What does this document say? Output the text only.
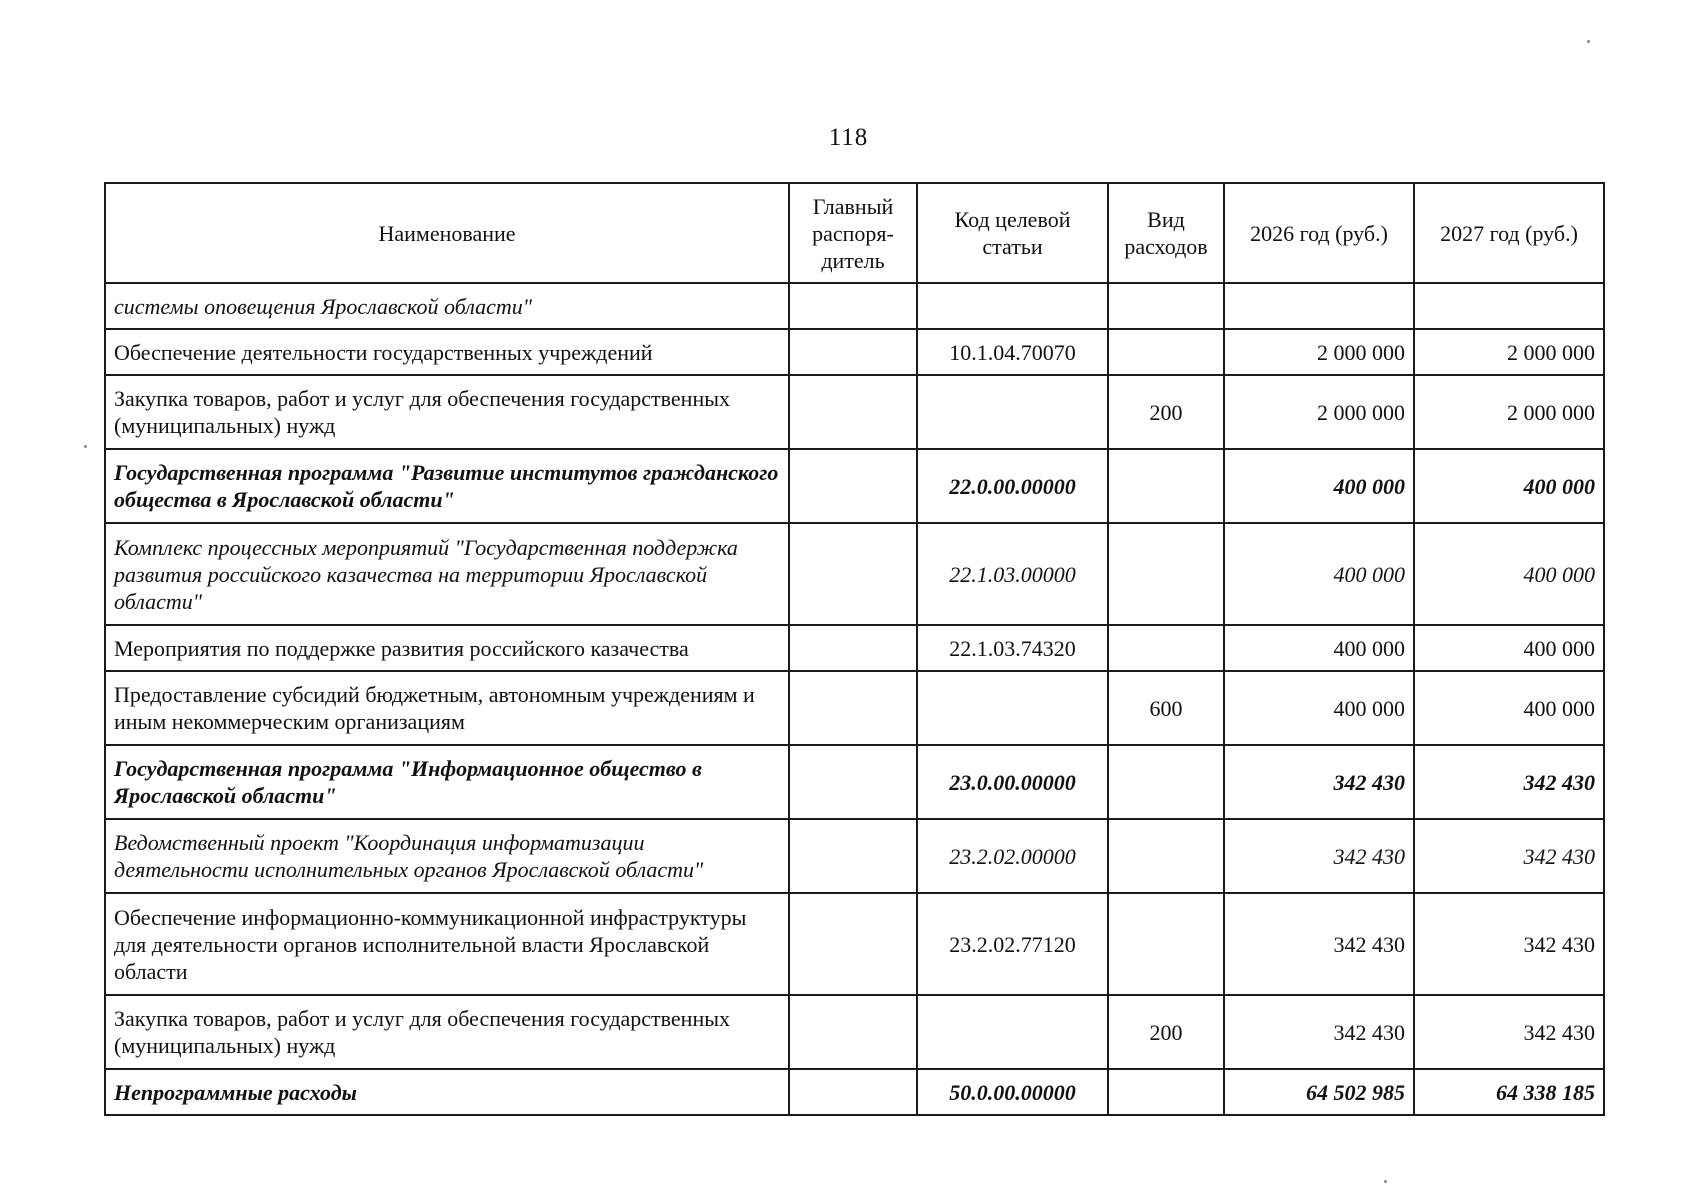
118
Наименование	Главный распоря-дитель	Код целевой статьи	Вид расходов	2026 год (руб.)	2027 год (руб.)
системы оповещения Ярославской области"					
Обеспечение деятельности государственных учреждений		10.1.04.70070		2 000 000	2 000 000
Закупка товаров, работ и услуг для обеспечения государственных (муниципальных) нужд			200	2 000 000	2 000 000
Государственная программа "Развитие институтов гражданского общества в Ярославской области"		22.0.00.00000		400 000	400 000
Комплекс процессных мероприятий "Государственная поддержка развития российского казачества на территории Ярославской области"		22.1.03.00000		400 000	400 000
Мероприятия по поддержке развития российского казачества		22.1.03.74320		400 000	400 000
Предоставление субсидий бюджетным, автономным учреждениям и иным некоммерческим организациям			600	400 000	400 000
Государственная программа "Информационное общество в Ярославской области"		23.0.00.00000		342 430	342 430
Ведомственный проект "Координация информатизации деятельности исполнительных органов Ярославской области"		23.2.02.00000		342 430	342 430
Обеспечение информационно-коммуникационной инфраструктуры для деятельности органов исполнительной власти Ярославской области		23.2.02.77120		342 430	342 430
Закупка товаров, работ и услуг для обеспечения государственных (муниципальных) нужд			200	342 430	342 430
Непрограммные расходы		50.0.00.00000		64 502 985	64 338 185
